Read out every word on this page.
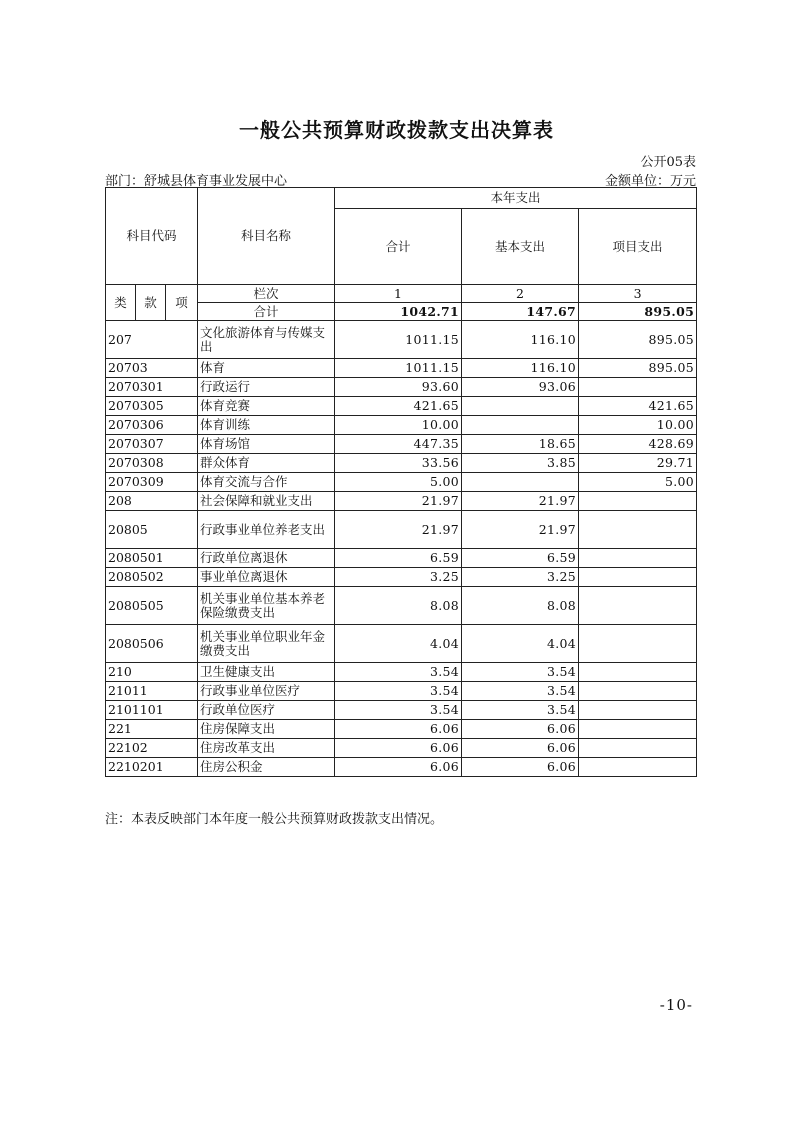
一般公共预算财政拨款支出决算表
公开05表
部门：舒城县体育事业发展中心	金额单位：万元
科目代码			科目名称	本年支出		
				合计	基本支出	项目支出

类	款	项	栏次	1	2	3
			合计	1042.71	147.67	895.05
207			文化旅游体育与传媒支出	1011.15	116.10	895.05
20703			体育	1011.15	116.10	895.05
2070301			行政运行	93.60	93.06	
2070305			体育竞赛	421.65		421.65
2070306			体育训练	10.00		10.00
2070307			体育场馆	447.35	18.65	428.69
2070308			群众体育	33.56	3.85	29.71
2070309			体育交流与合作	5.00		5.00
208			社会保障和就业支出	21.97	21.97	
20805			行政事业单位养老支出	21.97	21.97	
2080501			行政单位离退休	6.59	6.59	
2080502			事业单位离退休	3.25	3.25	
2080505			机关事业单位基本养老保险缴费支出	8.08	8.08	
2080506			机关事业单位职业年金缴费支出	4.04	4.04	
210			卫生健康支出	3.54	3.54	
21011			行政事业单位医疗	3.54	3.54	
2101101			行政单位医疗	3.54	3.54	
221			住房保障支出	6.06	6.06	
22102			住房改革支出	6.06	6.06	
2210201			住房公积金	6.06	6.06	
注：本表反映部门本年度一般公共预算财政拨款支出情况。
-10-
